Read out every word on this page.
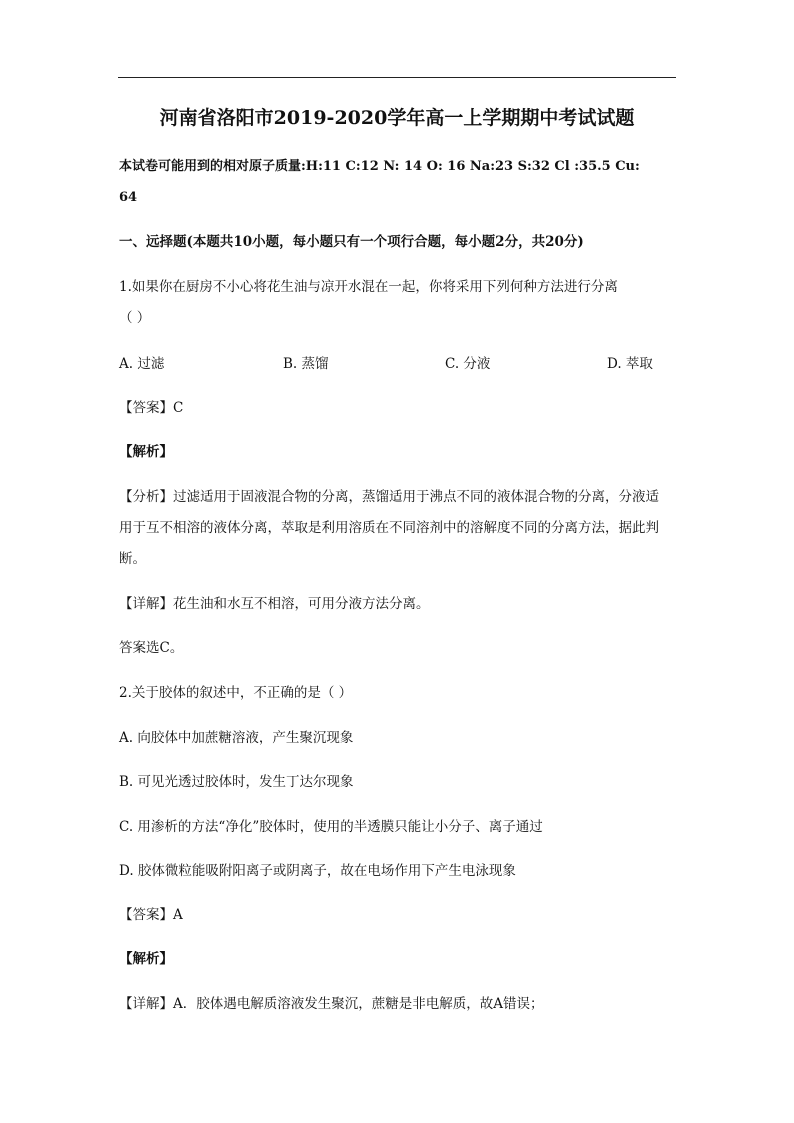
河南省洛阳市2019-2020学年高一上学期期中考试试题
本试卷可能用到的相对原子质量:H:11 C:12 N: 14 O: 16 Na:23 S:32 Cl :35.5 Cu:
64
一、远择题(本题共10小题，每小题只有一个项行合题，每小题2分，共20分)
1.如果你在厨房不小心将花生油与凉开水混在一起，你将采用下列何种方法进行分离
（ ）
A. 过滤	B. 蒸馏	C. 分液	D. 萃取
【答案】C
【解析】
【分析】过滤适用于固液混合物的分离，蒸馏适用于沸点不同的液体混合物的分离，分液适
用于互不相溶的液体分离，萃取是利用溶质在不同溶剂中的溶解度不同的分离方法，据此判
断。
【详解】花生油和水互不相溶，可用分液方法分离。
答案选C。
2.关于胶体的叙述中，不正确的是（ ）
A. 向胶体中加蔗糖溶液，产生聚沉现象
B. 可见光透过胶体时，发生丁达尔现象
C. 用渗析的方法“净化”胶体时，使用的半透膜只能让小分子、离子通过
D. 胶体微粒能吸附阳离子或阴离子，故在电场作用下产生电泳现象
【答案】A
【解析】
【详解】A．胶体遇电解质溶液发生聚沉，蔗糖是非电解质，故A错误；
